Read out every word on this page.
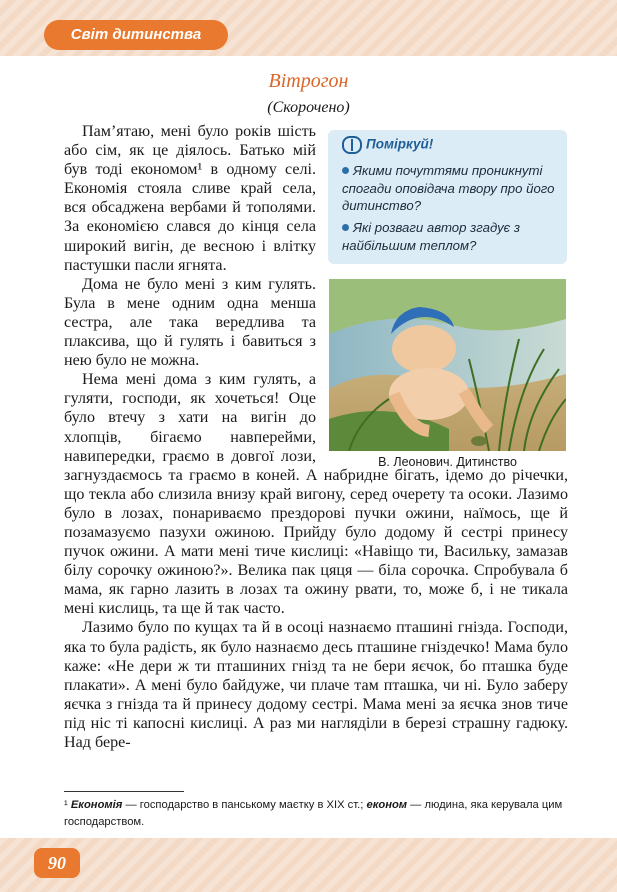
Світ дитинства
Вітрогон
(Скорочено)

Пам’ятаю, мені було років шість або сім, як це діялось. Батько мій був тоді економом¹ в одному селі. Економія стояла сливе край села, вся обсаджена вербами й тополями. За економією слався до кінця села широкий вигін, де весною і влітку пастушки пасли ягнята.

Дома не було мені з ким гулять. Була в мене одним одна менша сестра, але така вередлива та плаксива, що й гулять і бавиться з нею було не можна.

Нема мені дома з ким гулять, а гуляти, господи, як хочеться! Оце було втечу з хати на вигін до хлопців, бігаємо навперейми, навипередки, граємо в довгої лози, загнуздаємось та граємо в коней. А набридне бігать, ідемо до річечки, що текла або слизила внизу край вигону, серед очерету та осоки. Лазимо було в лозах, понариваємо прездорові пучки ожини, наїмось, ще й позамазуємо пазухи ожиною. Прийду було додому й сестрі принесу пучок ожини. А мати мені тиче кислиці: «Навіщо ти, Васильку, замазав білу сорочку ожиною?». Велика пак цяця — біла сорочка. Спробувала б мама, як гарно лазить в лозах та ожину рвати, то, може б, і не тикала мені кислиць, та ще й так часто.

Лазимо було по кущах та й в осоці назнаємо пташині гнізда. Господи, яка то була радість, як було назнаємо десь пташине гніздечко! Мама було каже: «Не дери ж ти пташиних гнізд та не бери яєчок, бо пташка буде плакати». А мені було байдуже, чи плаче там пташка, чи ні. Було заберу яєчка з гнізда та й принесу додому сестрі. Мама мені за яєчка знов тиче під ніс ті капосні кислиці. А раз ми нагляділи в березі страшну гадюку. Над бере-

Поміркуй!
Якими почуттями проникнуті спогади оповідача твору про його дитинство?
Які розваги автор згадує з найбільшим теплом?
В. Леонович. Дитинство
¹ Економія — господарство в панському маєтку в XIX ст.; економ — людина, яка керувала цим господарством.
90
